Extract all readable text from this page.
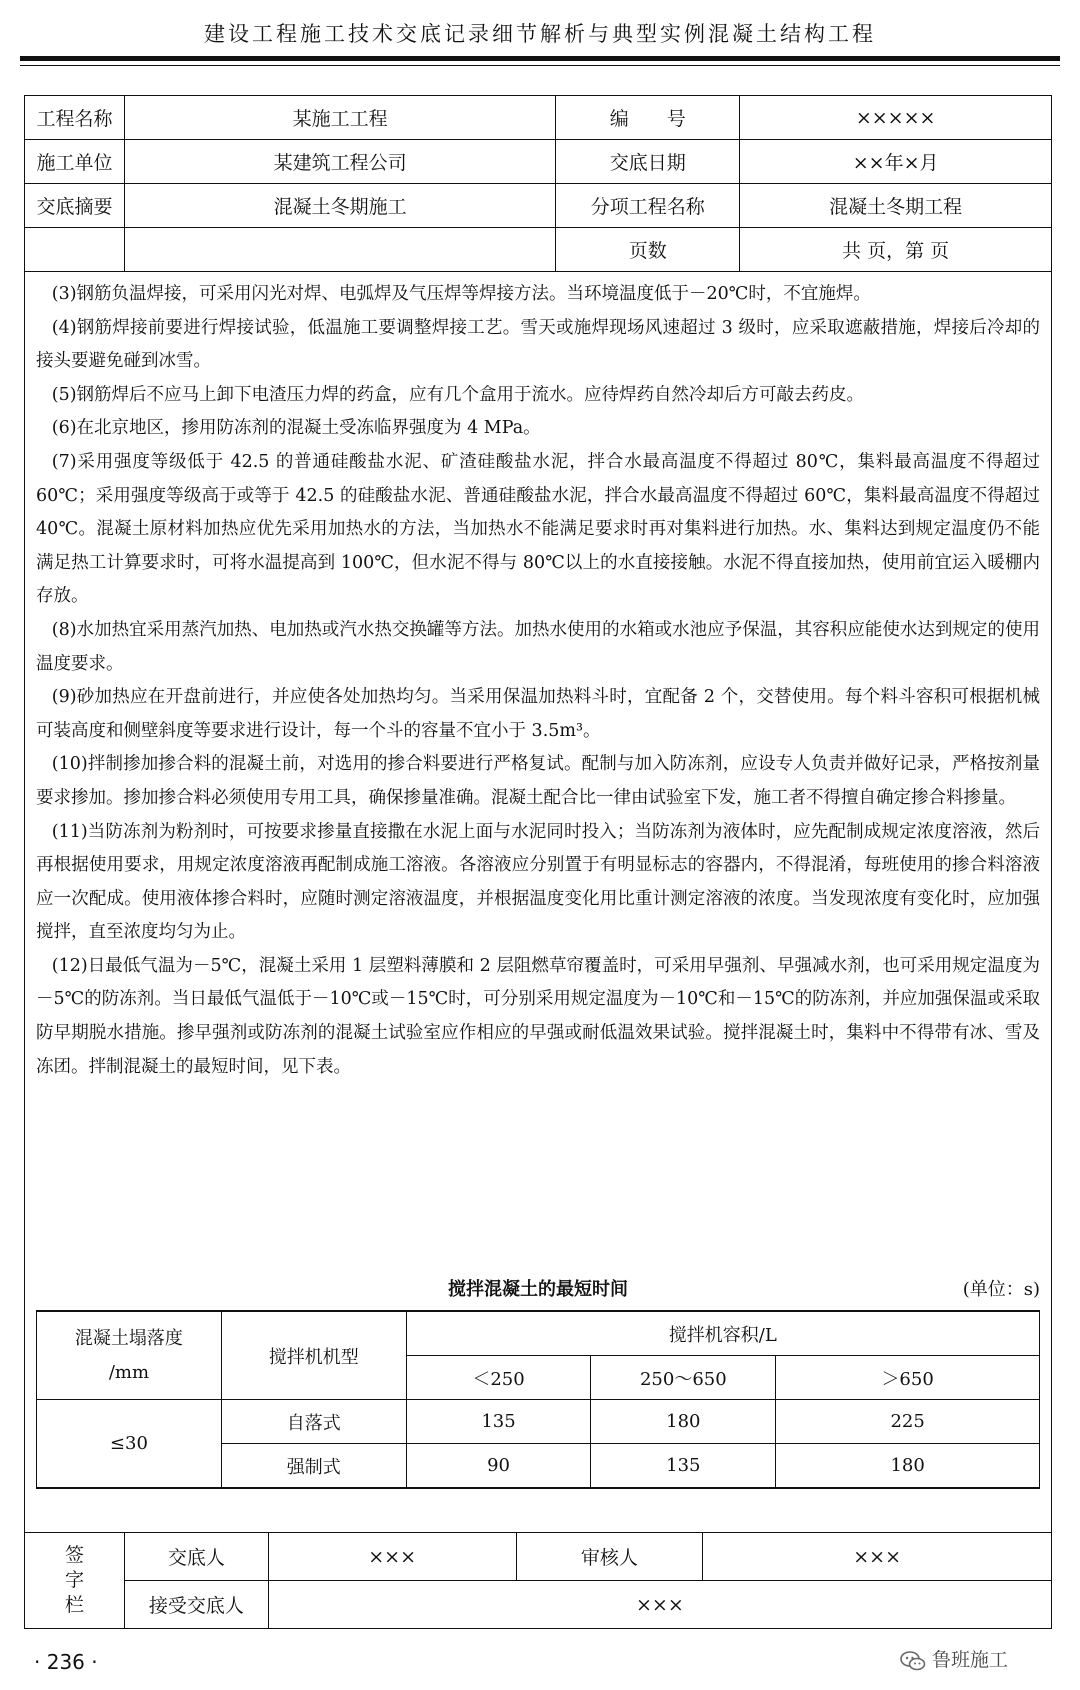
建设工程施工技术交底记录细节解析与典型实例混凝土结构工程
工程名称	某施工工程	编　　号	×××××
施工单位	某建筑工程公司	交底日期	××年×月
交底摘要	混凝土冬期施工	分项工程名称	混凝土冬期工程
		页数	共 页，第 页

(3)钢筋负温焊接，可采用闪光对焊、电弧焊及气压焊等焊接方法。当环境温度低于－20℃时，不宜施焊。

(4)钢筋焊接前要进行焊接试验，低温施工要调整焊接工艺。雪天或施焊现场风速超过 3 级时，应采取遮蔽措施，焊接后冷却的接头要避免碰到冰雪。

(5)钢筋焊后不应马上卸下电渣压力焊的药盒，应有几个盒用于流水。应待焊药自然冷却后方可敲去药皮。

(6)在北京地区，掺用防冻剂的混凝土受冻临界强度为 4 MPa。

(7)采用强度等级低于 42.5 的普通硅酸盐水泥、矿渣硅酸盐水泥，拌合水最高温度不得超过 80℃，集料最高温度不得超过 60℃；采用强度等级高于或等于 42.5 的硅酸盐水泥、普通硅酸盐水泥，拌合水最高温度不得超过 60℃，集料最高温度不得超过 40℃。混凝土原材料加热应优先采用加热水的方法，当加热水不能满足要求时再对集料进行加热。水、集料达到规定温度仍不能满足热工计算要求时，可将水温提高到 100℃，但水泥不得与 80℃以上的水直接接触。水泥不得直接加热，使用前宜运入暖棚内存放。

(8)水加热宜采用蒸汽加热、电加热或汽水热交换罐等方法。加热水使用的水箱或水池应予保温，其容积应能使水达到规定的使用温度要求。

(9)砂加热应在开盘前进行，并应使各处加热均匀。当采用保温加热料斗时，宜配备 2 个，交替使用。每个料斗容积可根据机械可装高度和侧壁斜度等要求进行设计，每一个斗的容量不宜小于 3.5m³。

(10)拌制掺加掺合料的混凝土前，对选用的掺合料要进行严格复试。配制与加入防冻剂，应设专人负责并做好记录，严格按剂量要求掺加。掺加掺合料必须使用专用工具，确保掺量准确。混凝土配合比一律由试验室下发，施工者不得擅自确定掺合料掺量。

(11)当防冻剂为粉剂时，可按要求掺量直接撒在水泥上面与水泥同时投入；当防冻剂为液体时，应先配制成规定浓度溶液，然后再根据使用要求，用规定浓度溶液再配制成施工溶液。各溶液应分别置于有明显标志的容器内，不得混淆，每班使用的掺合料溶液应一次配成。使用液体掺合料时，应随时测定溶液温度，并根据温度变化用比重计测定溶液的浓度。当发现浓度有变化时，应加强搅拌，直至浓度均匀为止。

(12)日最低气温为－5℃，混凝土采用 1 层塑料薄膜和 2 层阻燃草帘覆盖时，可采用早强剂、早强减水剂，也可采用规定温度为－5℃的防冻剂。当日最低气温低于－10℃或－15℃时，可分别采用规定温度为－10℃和－15℃的防冻剂，并应加强保温或采取防早期脱水措施。掺早强剂或防冻剂的混凝土试验室应作相应的早强或耐低温效果试验。搅拌混凝土时，集料中不得带有冰、雪及冻团。拌制混凝土的最短时间，见下表。

搅拌混凝土的最短时间	(单位：s)
混凝土塌落度
/mm	搅拌机机型	搅拌机容积/L		
		＜250	250～650	＞650
≤30	自落式	135	180	225
	强制式	90	135	180
签
字
栏	交底人	×××	审核人	×××
	接受交底人	×××		
· 236 ·	鲁班施工
